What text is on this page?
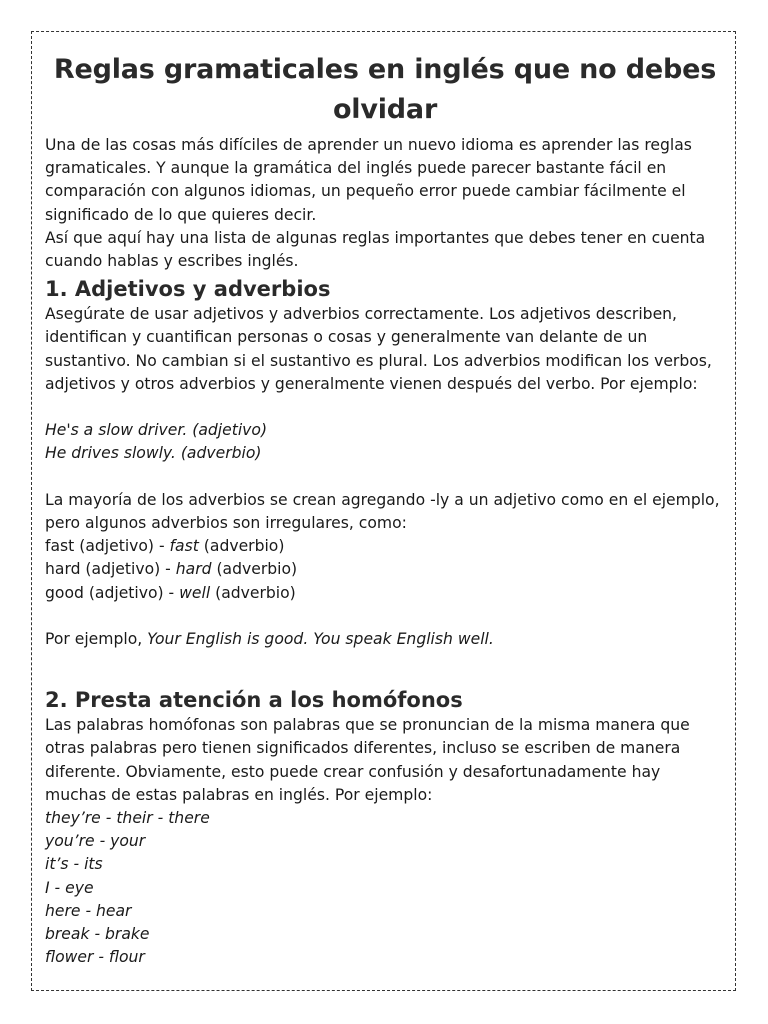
Reglas gramaticales en inglés que no debes olvidar

Una de las cosas más difíciles de aprender un nuevo idioma es aprender las reglas gramaticales. Y aunque la gramática del inglés puede parecer bastante fácil en comparación con algunos idiomas, un pequeño error puede cambiar fácilmente el significado de lo que quieres decir.

Así que aquí hay una lista de algunas reglas importantes que debes tener en cuenta cuando hablas y escribes inglés.

1. Adjetivos y adverbios

Asegúrate de usar adjetivos y adverbios correctamente. Los adjetivos describen, identifican y cuantifican personas o cosas y generalmente van delante de un sustantivo. No cambian si el sustantivo es plural. Los adverbios modifican los verbos, adjetivos y otros adverbios y generalmente vienen después del verbo. Por ejemplo:

He's a slow driver. (adjetivo)

He drives slowly. (adverbio)

La mayoría de los adverbios se crean agregando -ly a un adjetivo como en el ejemplo, pero algunos adverbios son irregulares, como:

fast (adjetivo) - fast (adverbio)

hard (adjetivo) - hard (adverbio)

good (adjetivo) - well (adverbio)

Por ejemplo, Your English is good. You speak English well.

2. Presta atención a los homófonos

Las palabras homófonas son palabras que se pronuncian de la misma manera que otras palabras pero tienen significados diferentes, incluso se escriben de manera diferente. Obviamente, esto puede crear confusión y desafortunadamente hay muchas de estas palabras en inglés. Por ejemplo:

they’re - their - there

you’re - your

it’s - its

I - eye

here - hear

break - brake

flower - flour
